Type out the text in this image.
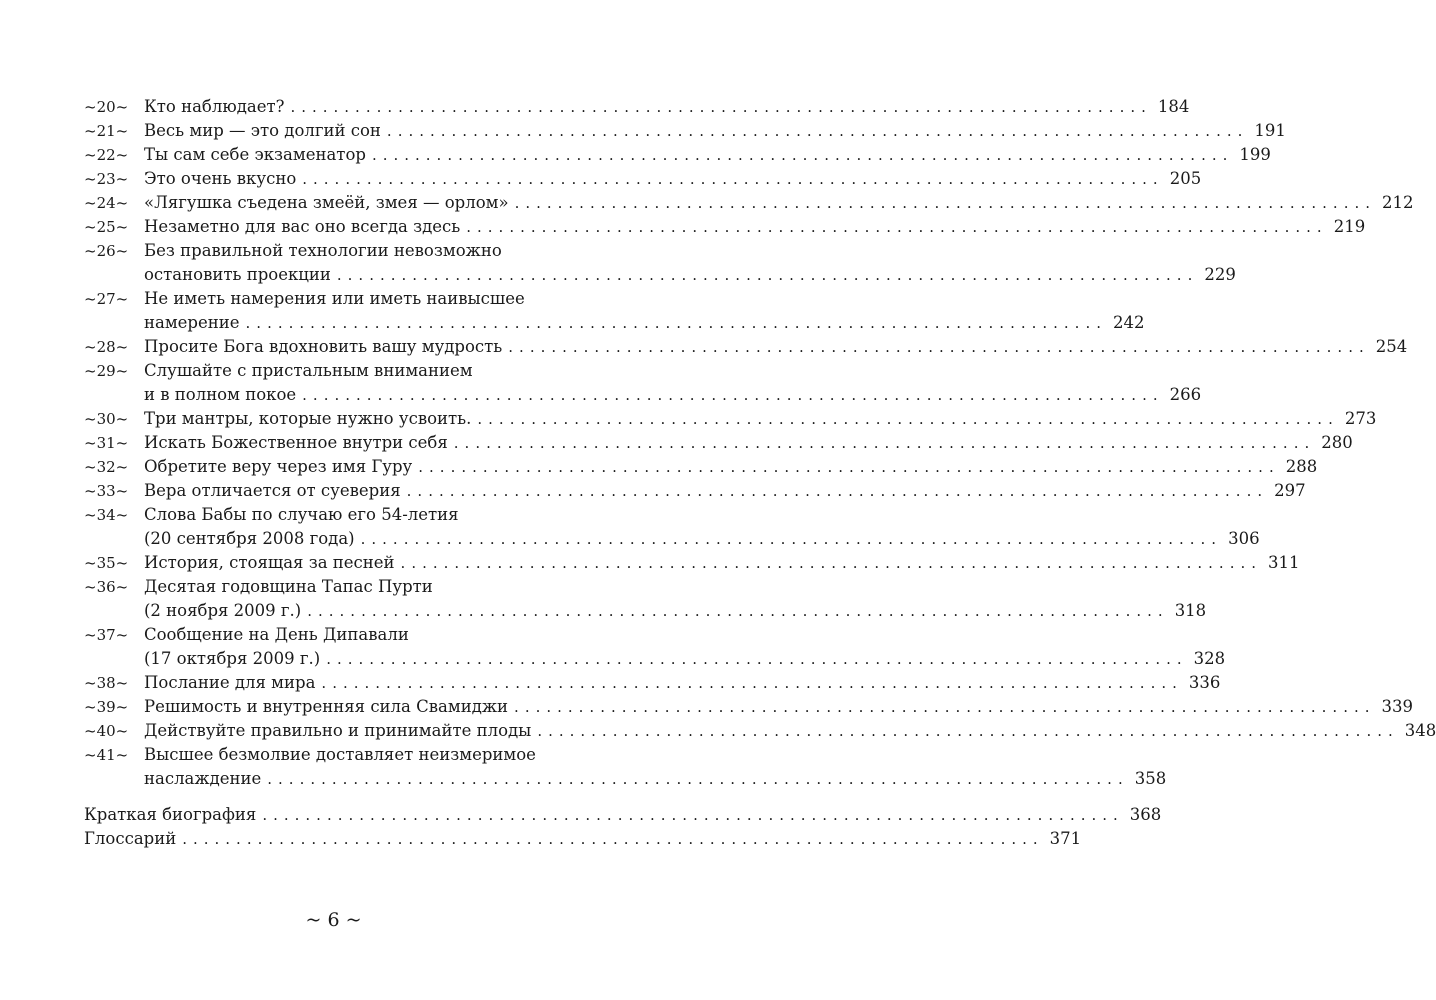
~20~ Кто наблюдает? ................................................................................ 184
~21~ Весь мир — это долгий сон ................................................................................ 191
~22~ Ты сам себе экзаменатор ................................................................................ 199
~23~ Это очень вкусно ................................................................................ 205
~24~ «Лягушка съедена змеёй, змея — орлом» ................................................................................ 212
~25~ Незаметно для вас оно всегда здесь ................................................................................ 219
~26~ Без правильной технологии невозможно
остановить проекции ................................................................................ 229
~27~ Не иметь намерения или иметь наивысшее
намерение ................................................................................ 242
~28~ Просите Бога вдохновить вашу мудрость ................................................................................ 254
~29~ Слушайте с пристальным вниманием
и в полном покое ................................................................................ 266
~30~ Три мантры, которые нужно усвоить. ................................................................................ 273
~31~ Искать Божественное внутри себя ................................................................................ 280
~32~ Обретите веру через имя Гуру ................................................................................ 288
~33~ Вера отличается от суеверия ................................................................................ 297
~34~ Слова Бабы по случаю его 54-летия
(20 сентября 2008 года) ................................................................................ 306
~35~ История, стоящая за песней ................................................................................ 311
~36~ Десятая годовщина Тапас Пурти
(2 ноября 2009 г.) ................................................................................ 318
~37~ Сообщение на День Дипавали
(17 октября 2009 г.) ................................................................................ 328
~38~ Послание для мира ................................................................................ 336
~39~ Решимость и внутренняя сила Свамиджи ................................................................................ 339
~40~ Действуйте правильно и принимайте плоды ................................................................................ 348
~41~ Высшее безмолвие доставляет неизмеримое
наслаждение ................................................................................ 358
Краткая биография ................................................................................ 368
Глоссарий ................................................................................ 371
~ 6 ~
